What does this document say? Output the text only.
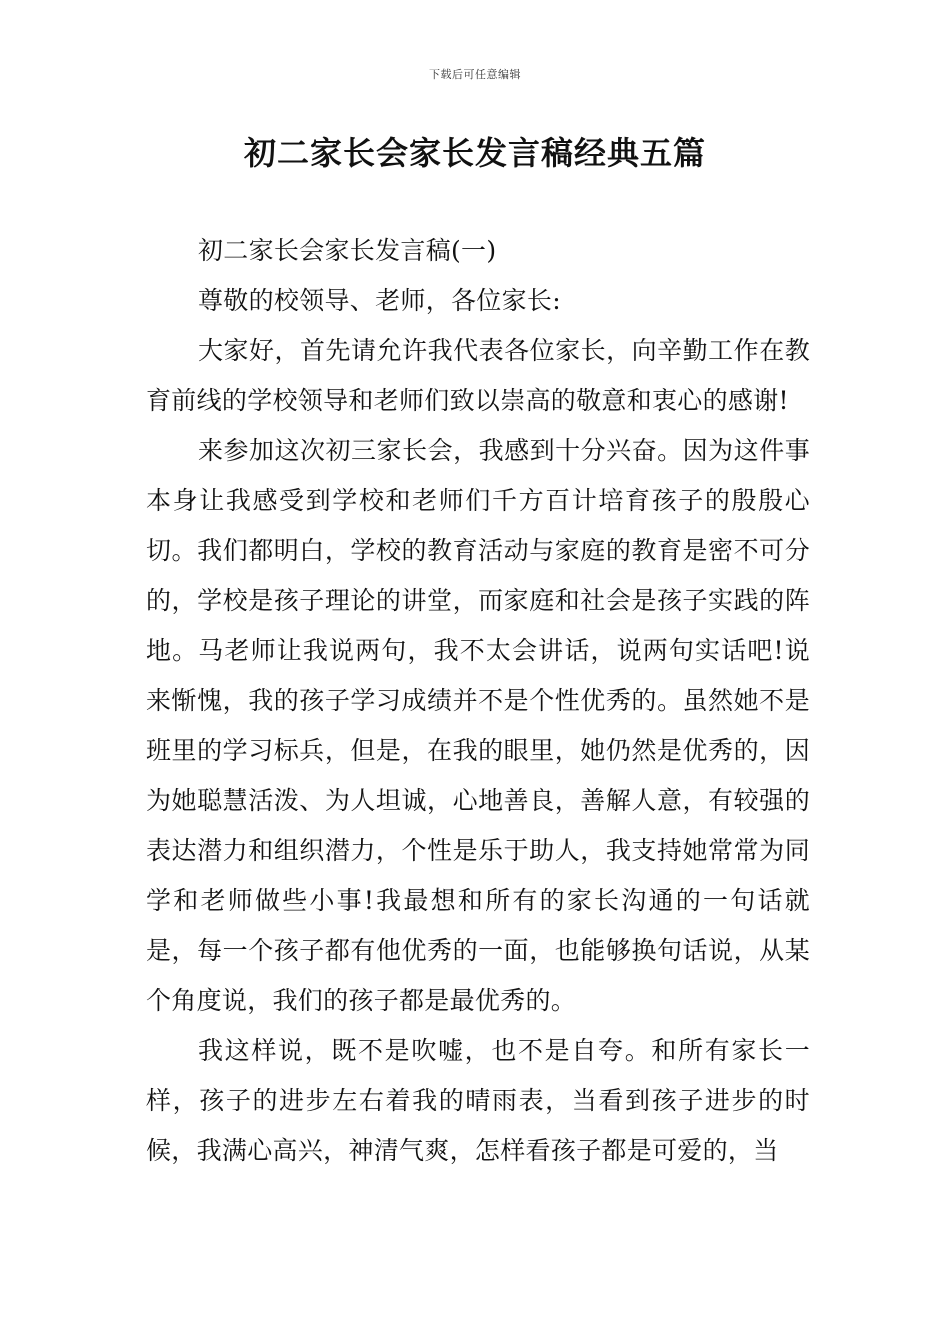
下载后可任意编辑
初二家长会家长发言稿经典五篇

初二家长会家长发言稿(一)

尊敬的校领导、老师，各位家长:

大家好，首先请允许我代表各位家长，向辛勤工作在教育前线的学校领导和老师们致以崇高的敬意和衷心的感谢!

来参加这次初三家长会，我感到十分兴奋。因为这件事本身让我感受到学校和老师们千方百计培育孩子的殷殷心切。我们都明白，学校的教育活动与家庭的教育是密不可分的，学校是孩子理论的讲堂，而家庭和社会是孩子实践的阵地。马老师让我说两句，我不太会讲话，说两句实话吧!说来惭愧，我的孩子学习成绩并不是个性优秀的。虽然她不是班里的学习标兵，但是，在我的眼里，她仍然是优秀的，因为她聪慧活泼、为人坦诚，心地善良，善解人意，有较强的表达潜力和组织潜力，个性是乐于助人，我支持她常常为同学和老师做些小事!我最想和所有的家长沟通的一句话就是，每一个孩子都有他优秀的一面，也能够换句话说，从某个角度说，我们的孩子都是最优秀的。

我这样说，既不是吹嘘，也不是自夸。和所有家长一样，孩子的进步左右着我的晴雨表，当看到孩子进步的时候，我满心高兴，神清气爽，怎样看孩子都是可爱的，当
